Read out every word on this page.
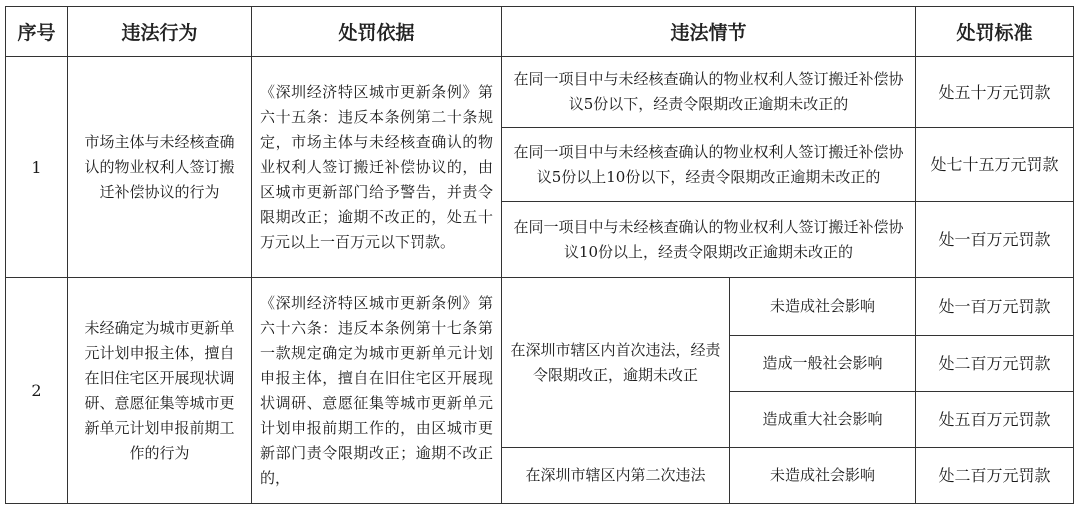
序号	违法行为	处罚依据	违法情节		处罚标准
1	市场主体与未经核查确认的物业权利人签订搬迁补偿协议的行为	《深圳经济特区城市更新条例》第六十五条：违反本条例第二十条规定，市场主体与未经核查确认的物业权利人签订搬迁补偿协议的，由区城市更新部门给予警告，并责令限期改正；逾期不改正的，处五十万元以上一百万元以下罚款。	在同一项目中与未经核查确认的物业权利人签订搬迁补偿协议5份以下，经责令限期改正逾期未改正的		处五十万元罚款
			在同一项目中与未经核查确认的物业权利人签订搬迁补偿协议5份以上10份以下，经责令限期改正逾期未改正的		处七十五万元罚款
			在同一项目中与未经核查确认的物业权利人签订搬迁补偿协议10份以上，经责令限期改正逾期未改正的		处一百万元罚款
2	未经确定为城市更新单元计划申报主体，擅自在旧住宅区开展现状调研、意愿征集等城市更新单元计划申报前期工作的行为	《深圳经济特区城市更新条例》第六十六条：违反本条例第十七条第一款规定确定为城市更新单元计划申报主体，擅自在旧住宅区开展现状调研、意愿征集等城市更新单元计划申报前期工作的，由区城市更新部门责令限期改正；逾期不改正的，	在深圳市辖区内首次违法，经责令限期改正，逾期未改正	未造成社会影响	处一百万元罚款
				造成一般社会影响	处二百万元罚款
				造成重大社会影响	处五百万元罚款
			在深圳市辖区内第二次违法	未造成社会影响	处二百万元罚款
